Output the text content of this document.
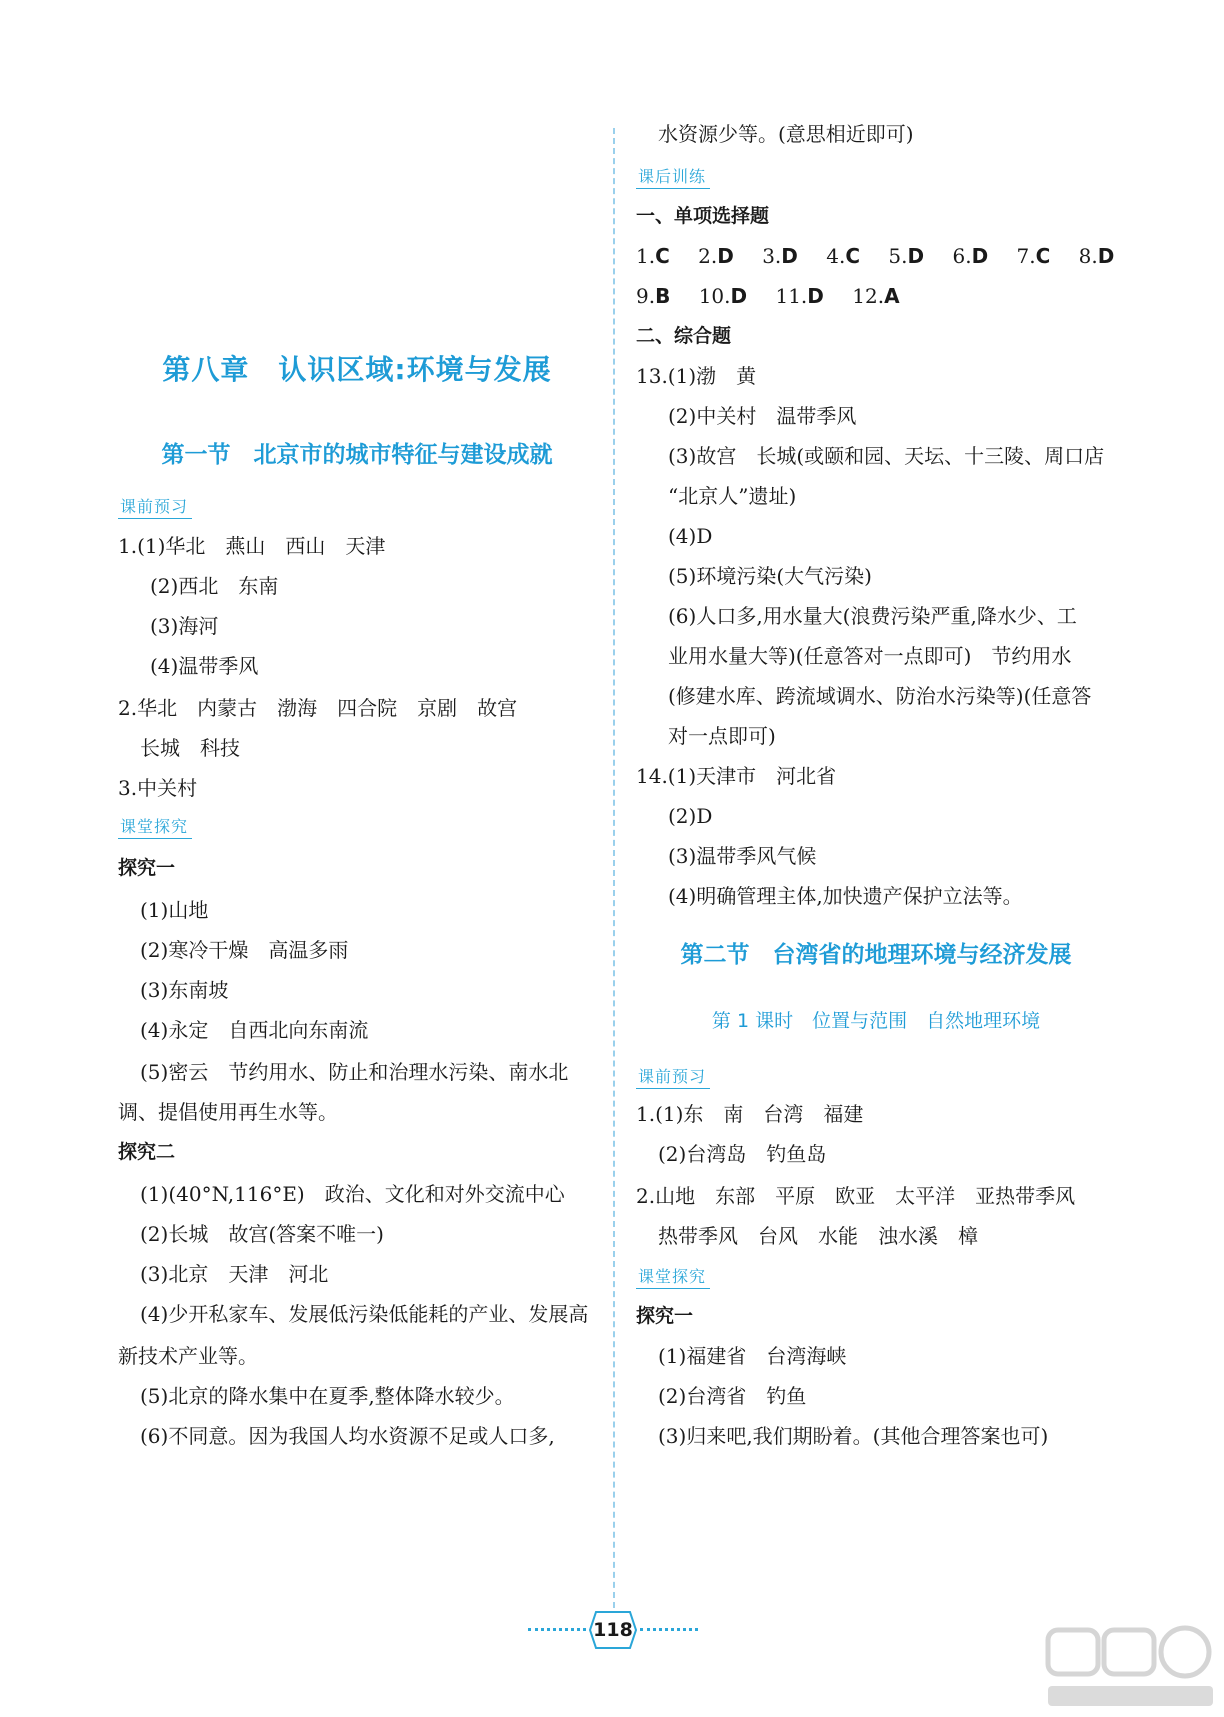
第八章　认识区域:环境与发展
第一节　北京市的城市特征与建设成就
课前预习
1.(1)华北　燕山　西山　天津
(2)西北　东南
(3)海河
(4)温带季风
2.华北　内蒙古　渤海　四合院　京剧　故宫
长城　科技
3.中关村
课堂探究
探究一
(1)山地
(2)寒冷干燥　高温多雨
(3)东南坡
(4)永定　自西北向东南流
(5)密云　节约用水、防止和治理水污染、南水北
调、提倡使用再生水等。
探究二
(1)(40°N,116°E)　政治、文化和对外交流中心
(2)长城　故宫(答案不唯一)
(3)北京　天津　河北
(4)少开私家车、发展低污染低能耗的产业、发展高
新技术产业等。
(5)北京的降水集中在夏季,整体降水较少。
(6)不同意。因为我国人均水资源不足或人口多,
水资源少等。(意思相近即可)
课后训练
一、单项选择题
1.C 2.D 3.D 4.C 5.D 6.D 7.C 8.D
9.B 10.D 11.D 12.A
二、综合题
13.(1)渤　黄
(2)中关村　温带季风
(3)故宫　长城(或颐和园、天坛、十三陵、周口店
“北京人”遗址)
(4)D
(5)环境污染(大气污染)
(6)人口多,用水量大(浪费污染严重,降水少、工
业用水量大等)(任意答对一点即可)　节约用水
(修建水库、跨流域调水、防治水污染等)(任意答
对一点即可)
14.(1)天津市　河北省
(2)D
(3)温带季风气候
(4)明确管理主体,加快遗产保护立法等。
第二节　台湾省的地理环境与经济发展
第 1 课时　位置与范围　自然地理环境
课前预习
1.(1)东　南　台湾　福建
(2)台湾岛　钓鱼岛
2.山地　东部　平原　欧亚　太平洋　亚热带季风
热带季风　台风　水能　浊水溪　樟
课堂探究
探究一
(1)福建省　台湾海峡
(2)台湾省　钓鱼
(3)归来吧,我们期盼着。(其他合理答案也可)
118
